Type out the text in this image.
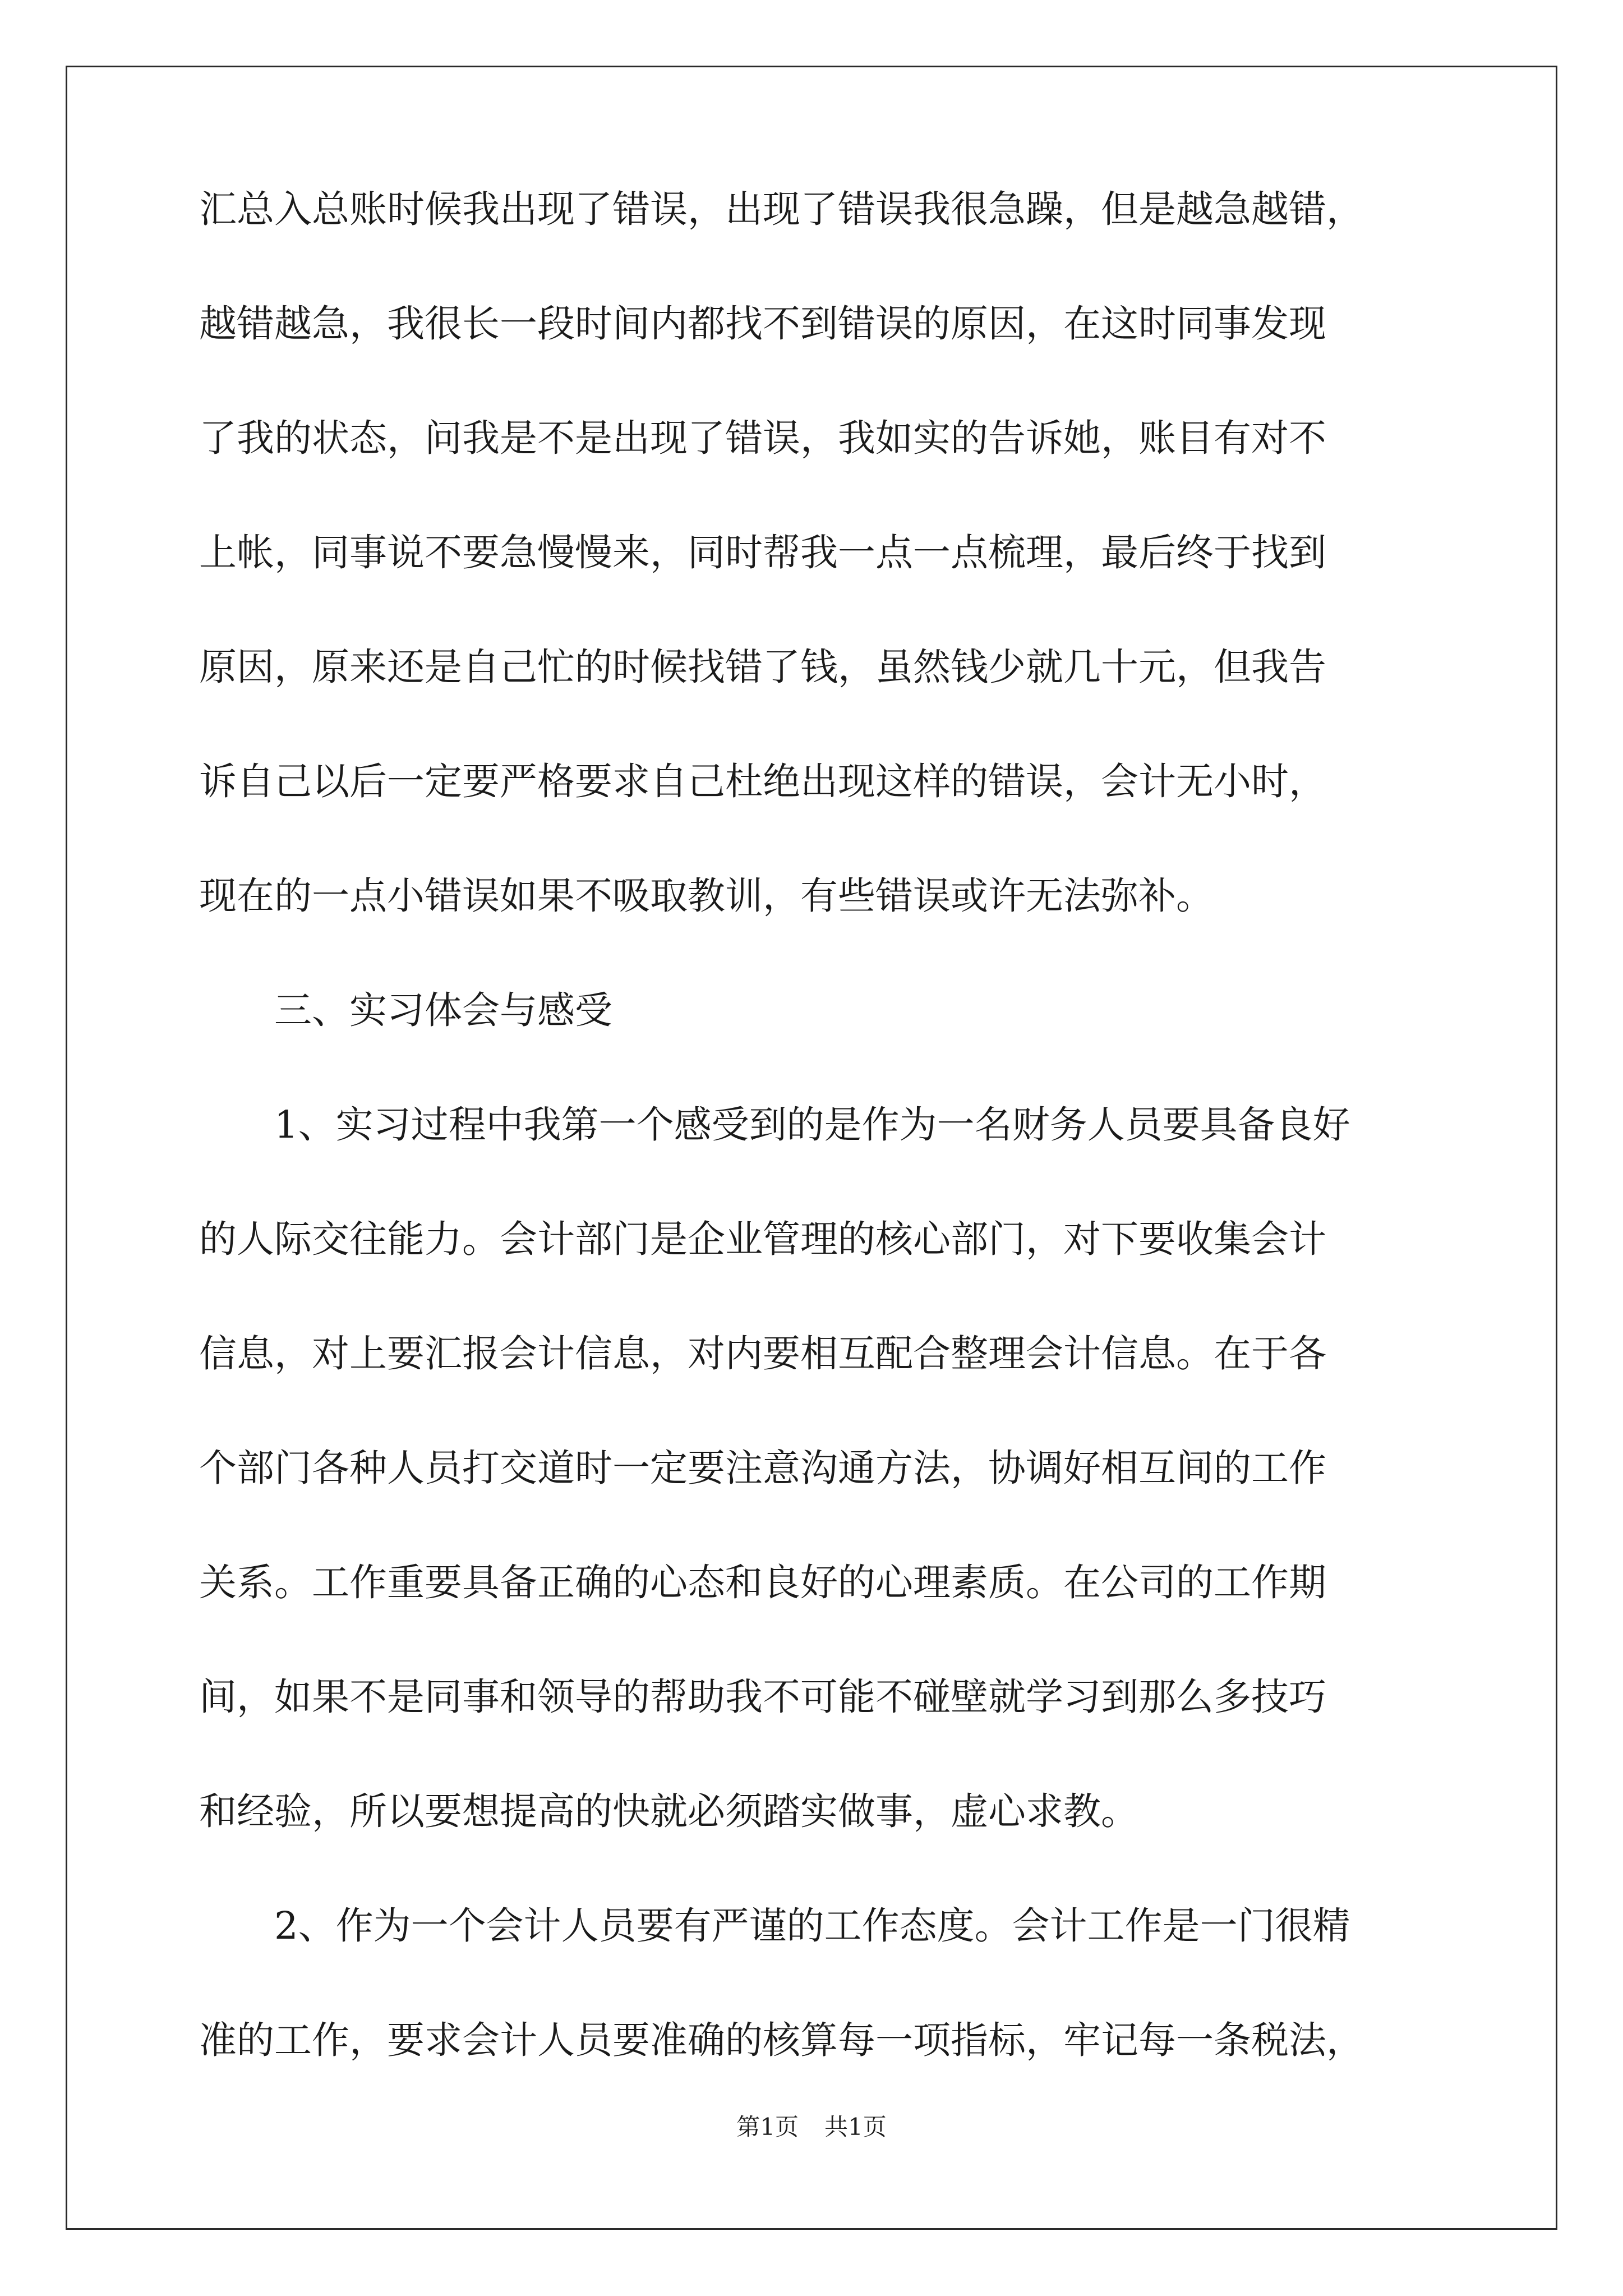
汇总入总账时候我出现了错误，出现了错误我很急躁，但是越急越错，
越错越急，我很长一段时间内都找不到错误的原因，在这时同事发现
了我的状态，问我是不是出现了错误，我如实的告诉她，账目有对不
上帐，同事说不要急慢慢来，同时帮我一点一点梳理，最后终于找到
原因，原来还是自己忙的时候找错了钱，虽然钱少就几十元，但我告
诉自己以后一定要严格要求自己杜绝出现这样的错误，会计无小时，
现在的一点小错误如果不吸取教训，有些错误或许无法弥补。
三、实习体会与感受
1、实习过程中我第一个感受到的是作为一名财务人员要具备良好
的人际交往能力。会计部门是企业管理的核心部门，对下要收集会计
信息，对上要汇报会计信息，对内要相互配合整理会计信息。在于各
个部门各种人员打交道时一定要注意沟通方法，协调好相互间的工作
关系。工作重要具备正确的心态和良好的心理素质。在公司的工作期
间，如果不是同事和领导的帮助我不可能不碰壁就学习到那么多技巧
和经验，所以要想提高的快就必须踏实做事，虚心求教。
2、作为一个会计人员要有严谨的工作态度。会计工作是一门很精
准的工作，要求会计人员要准确的核算每一项指标，牢记每一条税法，
第1页 共1页
